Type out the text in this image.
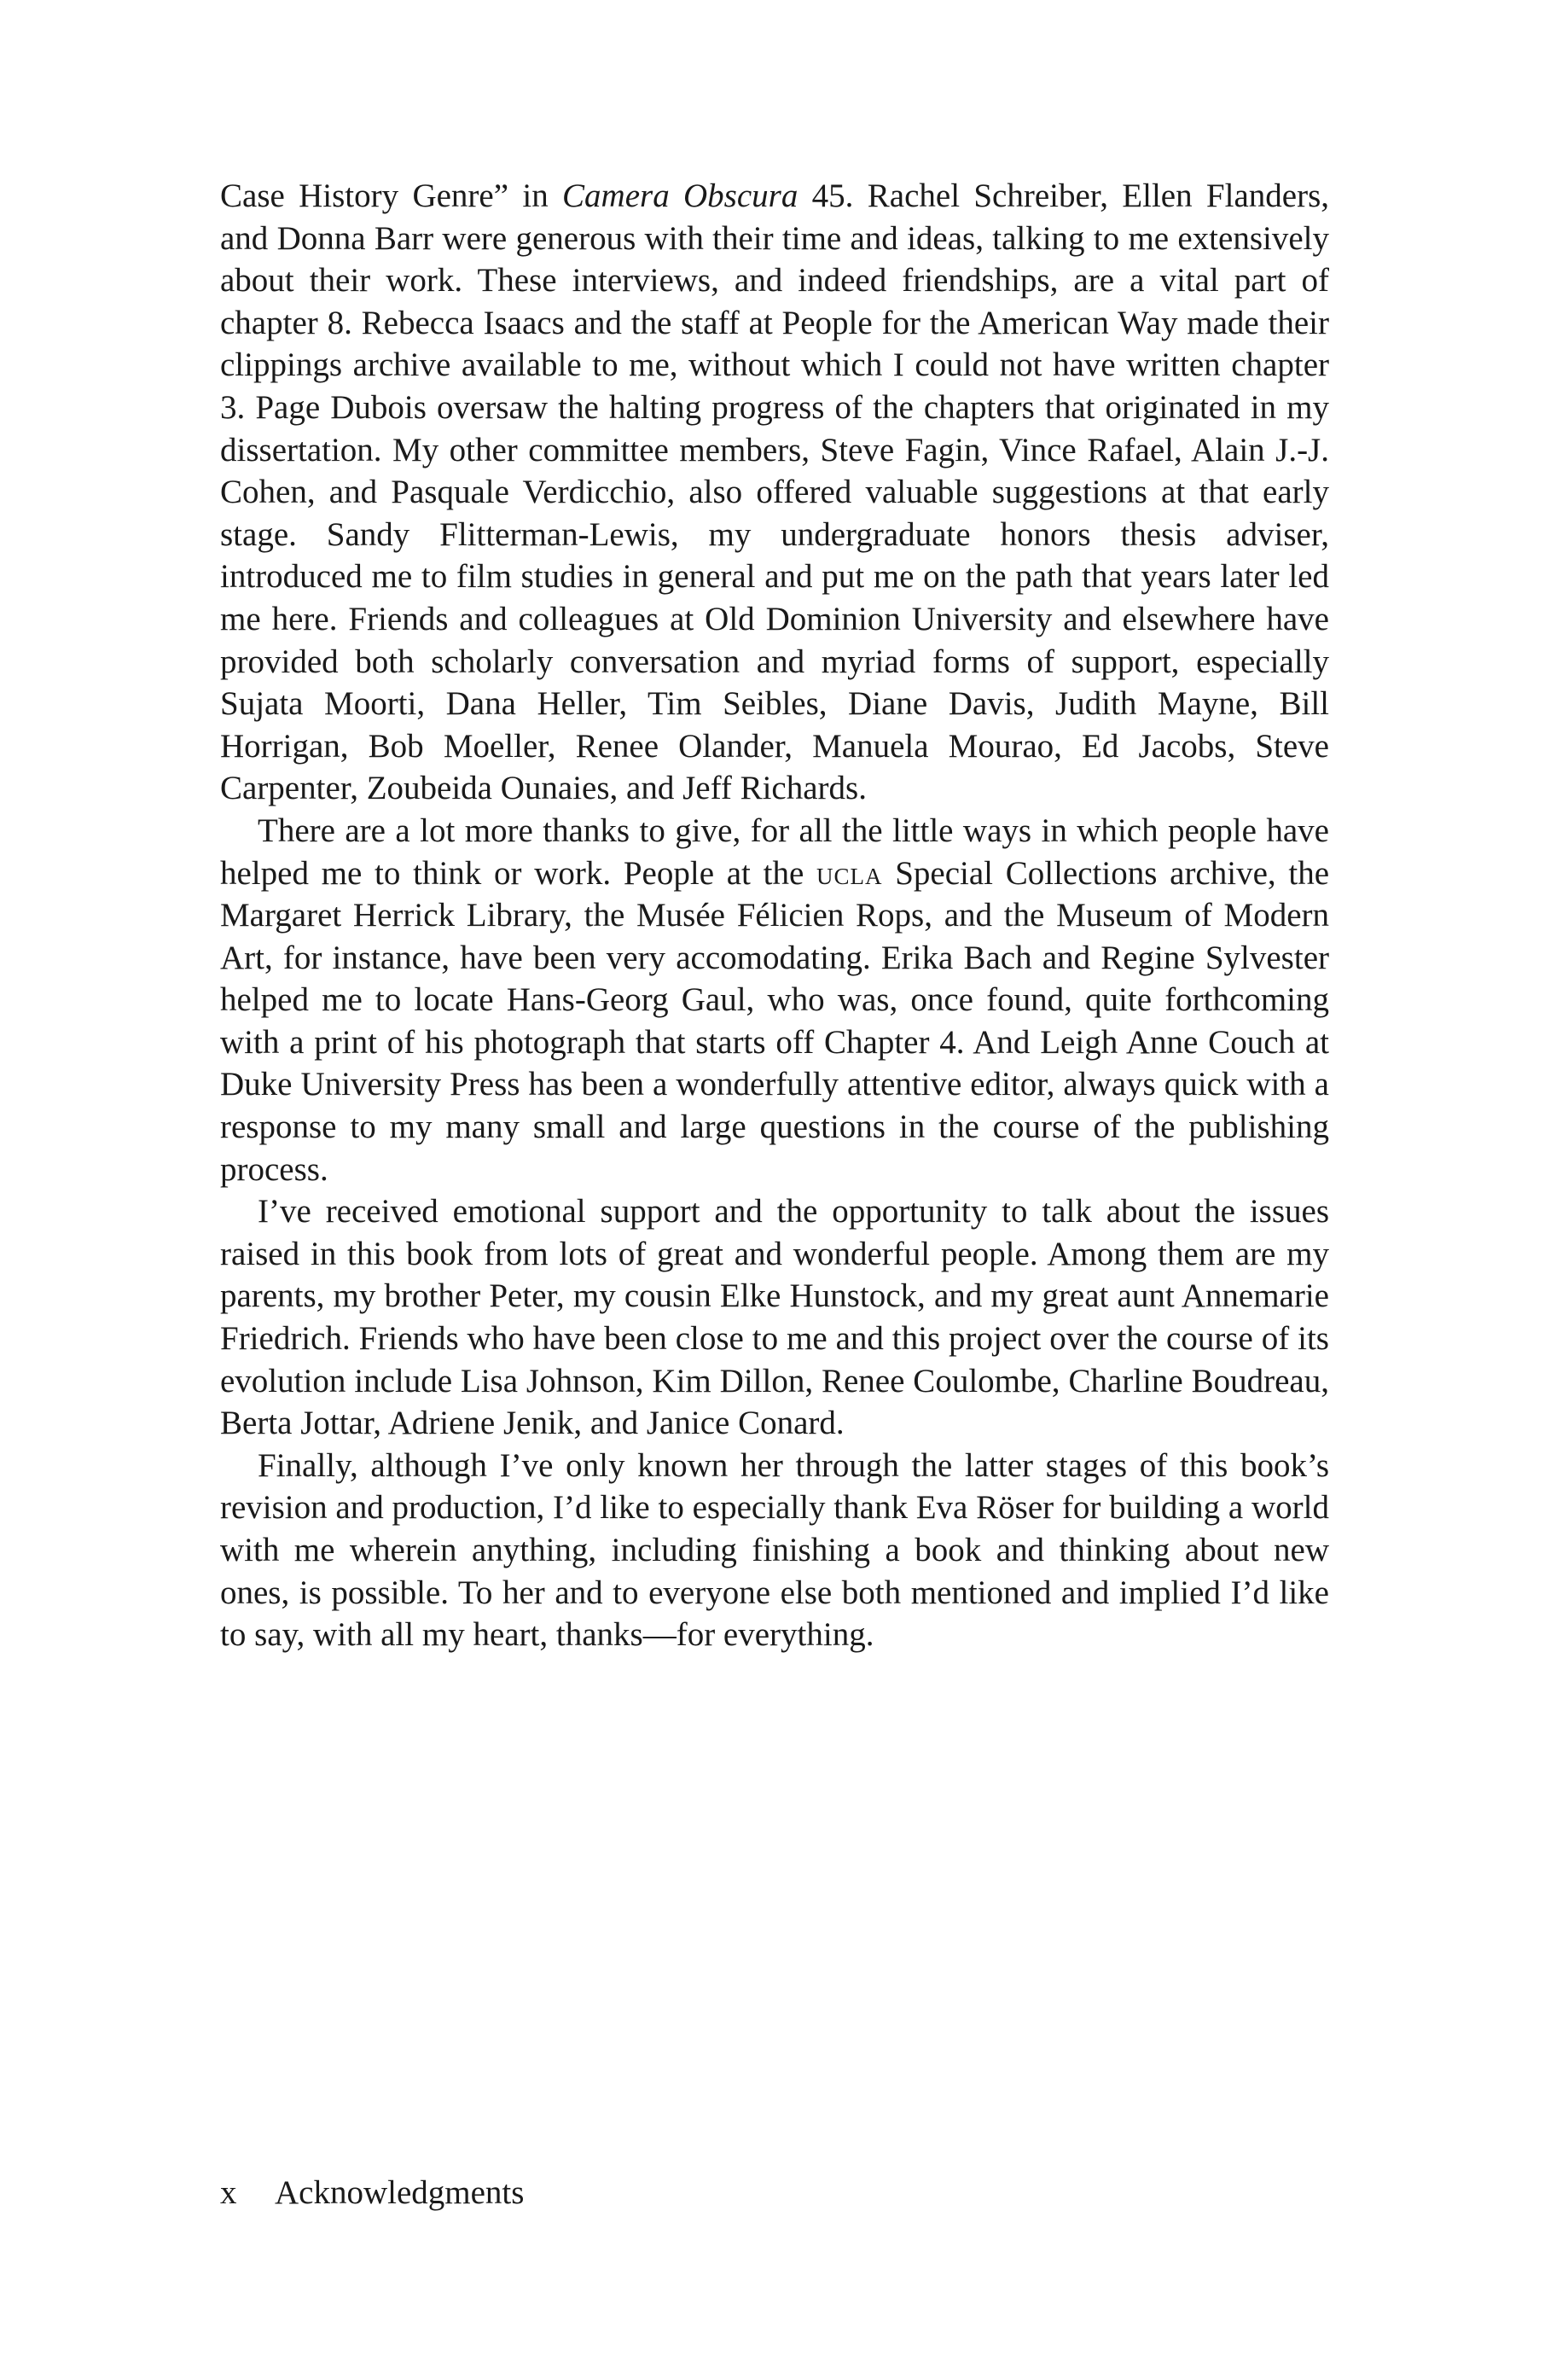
Case History Genre” in Camera Obscura 45. Rachel Schreiber, Ellen Flanders, and Donna Barr were generous with their time and ideas, talking to me extensively about their work. These interviews, and indeed friendships, are a vital part of chapter 8. Rebecca Isaacs and the staff at People for the American Way made their clippings archive available to me, without which I could not have written chapter 3. Page Dubois oversaw the halting progress of the chapters that originated in my dissertation. My other committee members, Steve Fagin, Vince Rafael, Alain J.-J. Cohen, and Pasquale Verdicchio, also offered valuable suggestions at that early stage. Sandy Flitterman-Lewis, my undergraduate honors thesis adviser, introduced me to film studies in general and put me on the path that years later led me here. Friends and colleagues at Old Dominion University and elsewhere have provided both scholarly conversation and myriad forms of support, especially Sujata Moorti, Dana Heller, Tim Seibles, Diane Davis, Judith Mayne, Bill Horrigan, Bob Moeller, Renee Olander, Manuela Mourao, Ed Jacobs, Steve Carpenter, Zoubeida Ounaies, and Jeff Richards.

There are a lot more thanks to give, for all the little ways in which people have helped me to think or work. People at the ucla Special Collections archive, the Margaret Herrick Library, the Musée Félicien Rops, and the Museum of Modern Art, for instance, have been very accomodating. Erika Bach and Regine Sylvester helped me to locate Hans-Georg Gaul, who was, once found, quite forthcoming with a print of his photograph that starts off Chapter 4. And Leigh Anne Couch at Duke University Press has been a wonderfully attentive editor, always quick with a response to my many small and large questions in the course of the publishing process.

I’ve received emotional support and the opportunity to talk about the issues raised in this book from lots of great and wonderful people. Among them are my parents, my brother Peter, my cousin Elke Hunstock, and my great aunt Annemarie Friedrich. Friends who have been close to me and this project over the course of its evolution include Lisa Johnson, Kim Dillon, Renee Coulombe, Charline Boudreau, Berta Jottar, Adriene Jenik, and Janice Conard.

Finally, although I’ve only known her through the latter stages of this book’s revision and production, I’d like to especially thank Eva Röser for building a world with me wherein anything, including finishing a book and thinking about new ones, is possible. To her and to everyone else both mentioned and implied I’d like to say, with all my heart, thanks—for everything.

x Acknowledgments
